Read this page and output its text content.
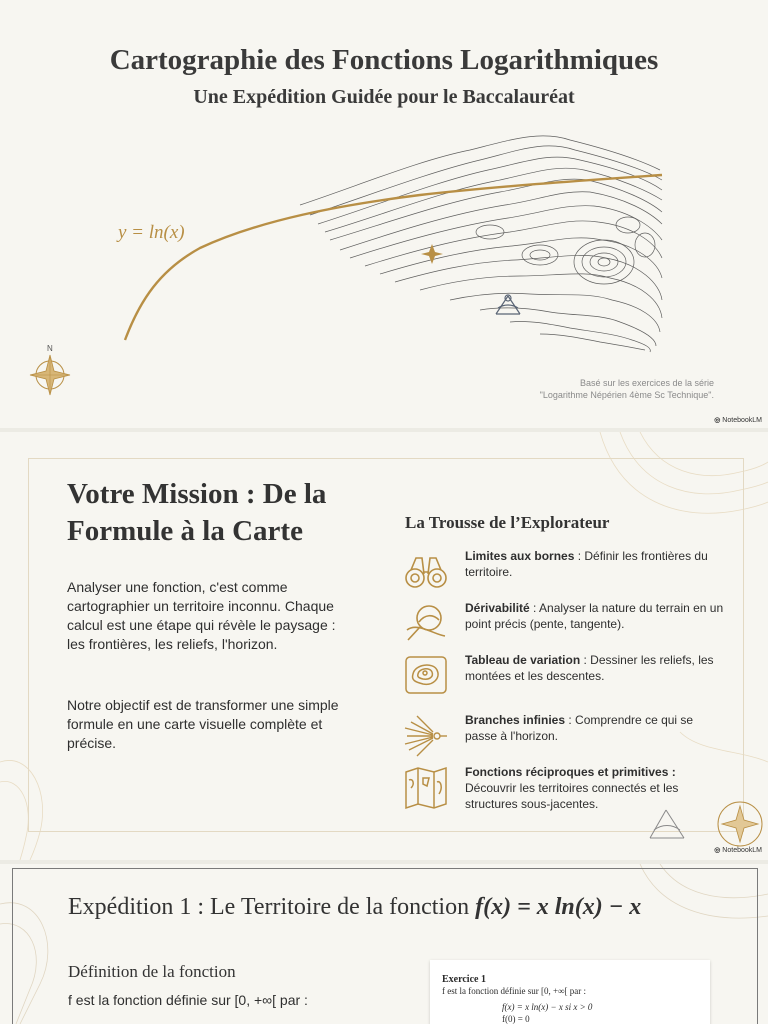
Cartographie des Fonctions Logarithmiques
Une Expédition Guidée pour le Baccalauréat
N
y = ln(x)
Basé sur les exercices de la série
"Logarithme Népérien 4ème Sc Technique".
◎ NotebookLM
Votre Mission : De la Formule à la Carte
Analyser une fonction, c'est comme cartographier un territoire inconnu. Chaque calcul est une étape qui révèle le paysage : les frontières, les reliefs, l'horizon.
Notre objectif est de transformer une simple formule en une carte visuelle complète et précise.
La Trousse de l’Explorateur
Limites aux bornes : Définir les frontières du territoire.
Dérivabilité : Analyser la nature du terrain en un point précis (pente, tangente).
Tableau de variation : Dessiner les reliefs, les montées et les descentes.
Branches infinies : Comprendre ce qui se passe à l'horizon.
Fonctions réciproques et primitives : Découvrir les territoires connectés et les structures sous-jacentes.
◎ NotebookLM
Expédition 1 : Le Territoire de la fonction f(x) = x ln(x) − x
Définition de la fonction
f est la fonction définie sur [0, +∞[ par :
Exercice 1
f est la fonction définie sur [0, +∞[ par :
f(x) = x ln(x) − x si x > 0
f(0) = 0
